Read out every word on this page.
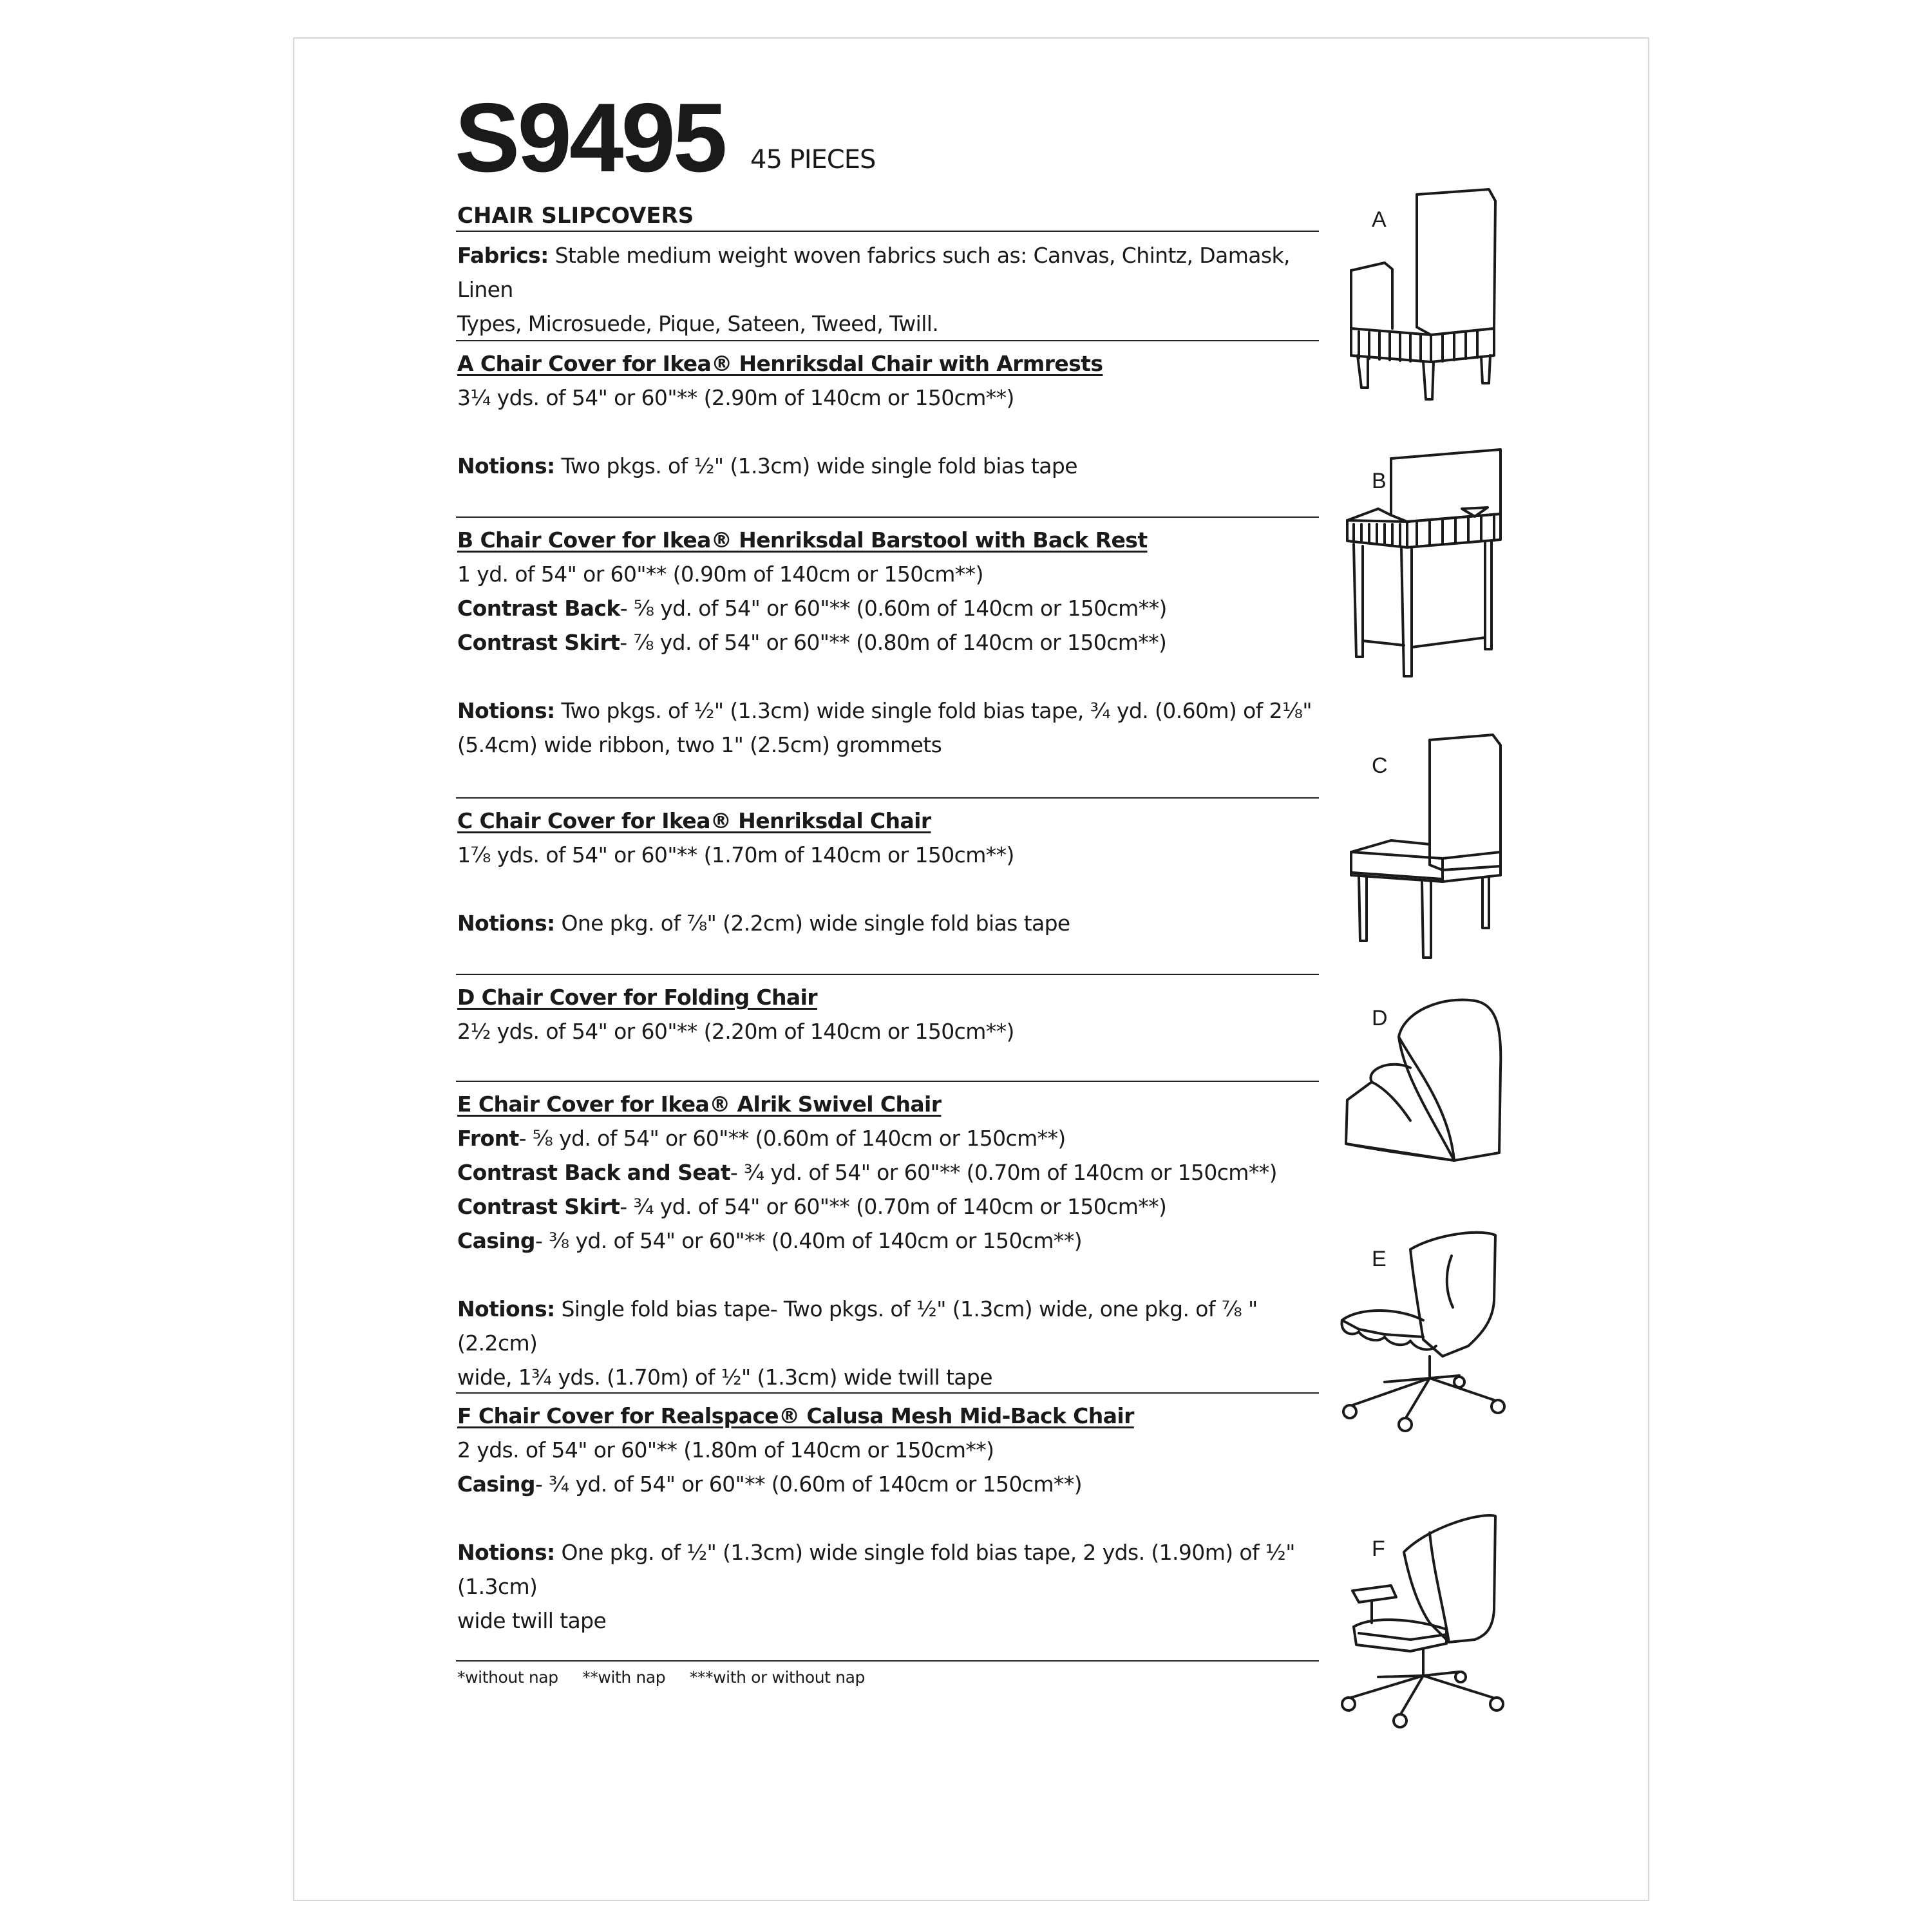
S9495 45 PIECES
CHAIR SLIPCOVERS

Fabrics: Stable medium weight woven fabrics such as: Canvas, Chintz, Damask, Linen

Types, Microsuede, Pique, Sateen, Tweed, Twill.

A Chair Cover for Ikea® Henriksdal Chair with Armrests

3¼ yds. of 54" or 60"** (2.90m of 140cm or 150cm**)

Notions: Two pkgs. of ½" (1.3cm) wide single fold bias tape

B Chair Cover for Ikea® Henriksdal Barstool with Back Rest

1 yd. of 54" or 60"** (0.90m of 140cm or 150cm**)

Contrast Back- ⅝ yd. of 54" or 60"** (0.60m of 140cm or 150cm**)

Contrast Skirt- ⅞ yd. of 54" or 60"** (0.80m of 140cm or 150cm**)

Notions: Two pkgs. of ½" (1.3cm) wide single fold bias tape, ¾ yd. (0.60m) of 2⅛"

(5.4cm) wide ribbon, two 1" (2.5cm) grommets

C Chair Cover for Ikea® Henriksdal Chair

1⅞ yds. of 54" or 60"** (1.70m of 140cm or 150cm**)

Notions: One pkg. of ⅞" (2.2cm) wide single fold bias tape

D Chair Cover for Folding Chair

2½ yds. of 54" or 60"** (2.20m of 140cm or 150cm**)

E Chair Cover for Ikea® Alrik Swivel Chair

Front- ⅝ yd. of 54" or 60"** (0.60m of 140cm or 150cm**)

Contrast Back and Seat- ¾ yd. of 54" or 60"** (0.70m of 140cm or 150cm**)

Contrast Skirt- ¾ yd. of 54" or 60"** (0.70m of 140cm or 150cm**)

Casing- ⅜ yd. of 54" or 60"** (0.40m of 140cm or 150cm**)

Notions: Single fold bias tape- Two pkgs. of ½" (1.3cm) wide, one pkg. of ⅞ " (2.2cm)

wide, 1¾ yds. (1.70m) of ½" (1.3cm) wide twill tape

F Chair Cover for Realspace® Calusa Mesh Mid-Back Chair

2 yds. of 54" or 60"** (1.80m of 140cm or 150cm**)

Casing- ¾ yd. of 54" or 60"** (0.60m of 140cm or 150cm**)

Notions: One pkg. of ½" (1.3cm) wide single fold bias tape, 2 yds. (1.90m) of ½" (1.3cm)

wide twill tape

*without nap **with nap ***with or without nap
A
B
C
D
E
F
